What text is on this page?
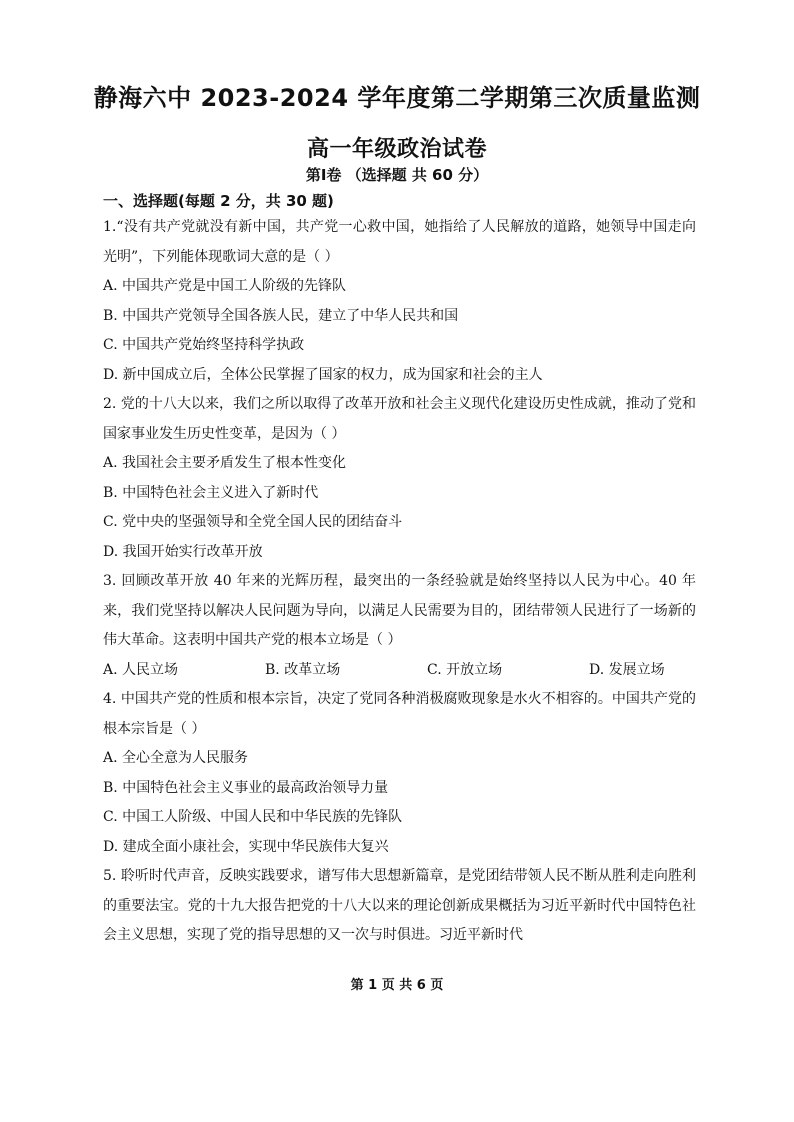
静海六中 2023-2024 学年度第二学期第三次质量监测
高一年级政治试卷
第Ⅰ卷 （选择题 共 60 分）
一、选择题(每题 2 分，共 30 题)
1.“没有共产党就没有新中国，共产党一心救中国，她指给了人民解放的道路，她领导中国走向光明”，下列能体现歌词大意的是（ ）
A. 中国共产党是中国工人阶级的先锋队
B. 中国共产党领导全国各族人民，建立了中华人民共和国
C. 中国共产党始终坚持科学执政
D. 新中国成立后，全体公民掌握了国家的权力，成为国家和社会的主人
2. 党的十八大以来，我们之所以取得了改革开放和社会主义现代化建设历史性成就，推动了党和国家事业发生历史性变革，是因为（ ）
A. 我国社会主要矛盾发生了根本性变化
B. 中国特色社会主义进入了新时代
C. 党中央的坚强领导和全党全国人民的团结奋斗
D. 我国开始实行改革开放
3. 回顾改革开放 40 年来的光辉历程，最突出的一条经验就是始终坚持以人民为中心。40 年来，我们党坚持以解决人民问题为导向，以满足人民需要为目的，团结带领人民进行了一场新的伟大革命。这表明中国共产党的根本立场是（ ）
A. 人民立场	B. 改革立场	C. 开放立场	D. 发展立场
4. 中国共产党的性质和根本宗旨，决定了党同各种消极腐败现象是水火不相容的。中国共产党的根本宗旨是（ ）
A. 全心全意为人民服务
B. 中国特色社会主义事业的最高政治领导力量
C. 中国工人阶级、中国人民和中华民族的先锋队
D. 建成全面小康社会，实现中华民族伟大复兴
5. 聆听时代声音，反映实践要求，谱写伟大思想新篇章，是党团结带领人民不断从胜利走向胜利的重要法宝。党的十九大报告把党的十八大以来的理论创新成果概括为习近平新时代中国特色社会主义思想，实现了党的指导思想的又一次与时俱进。习近平新时代
第 1 页 共 6 页
